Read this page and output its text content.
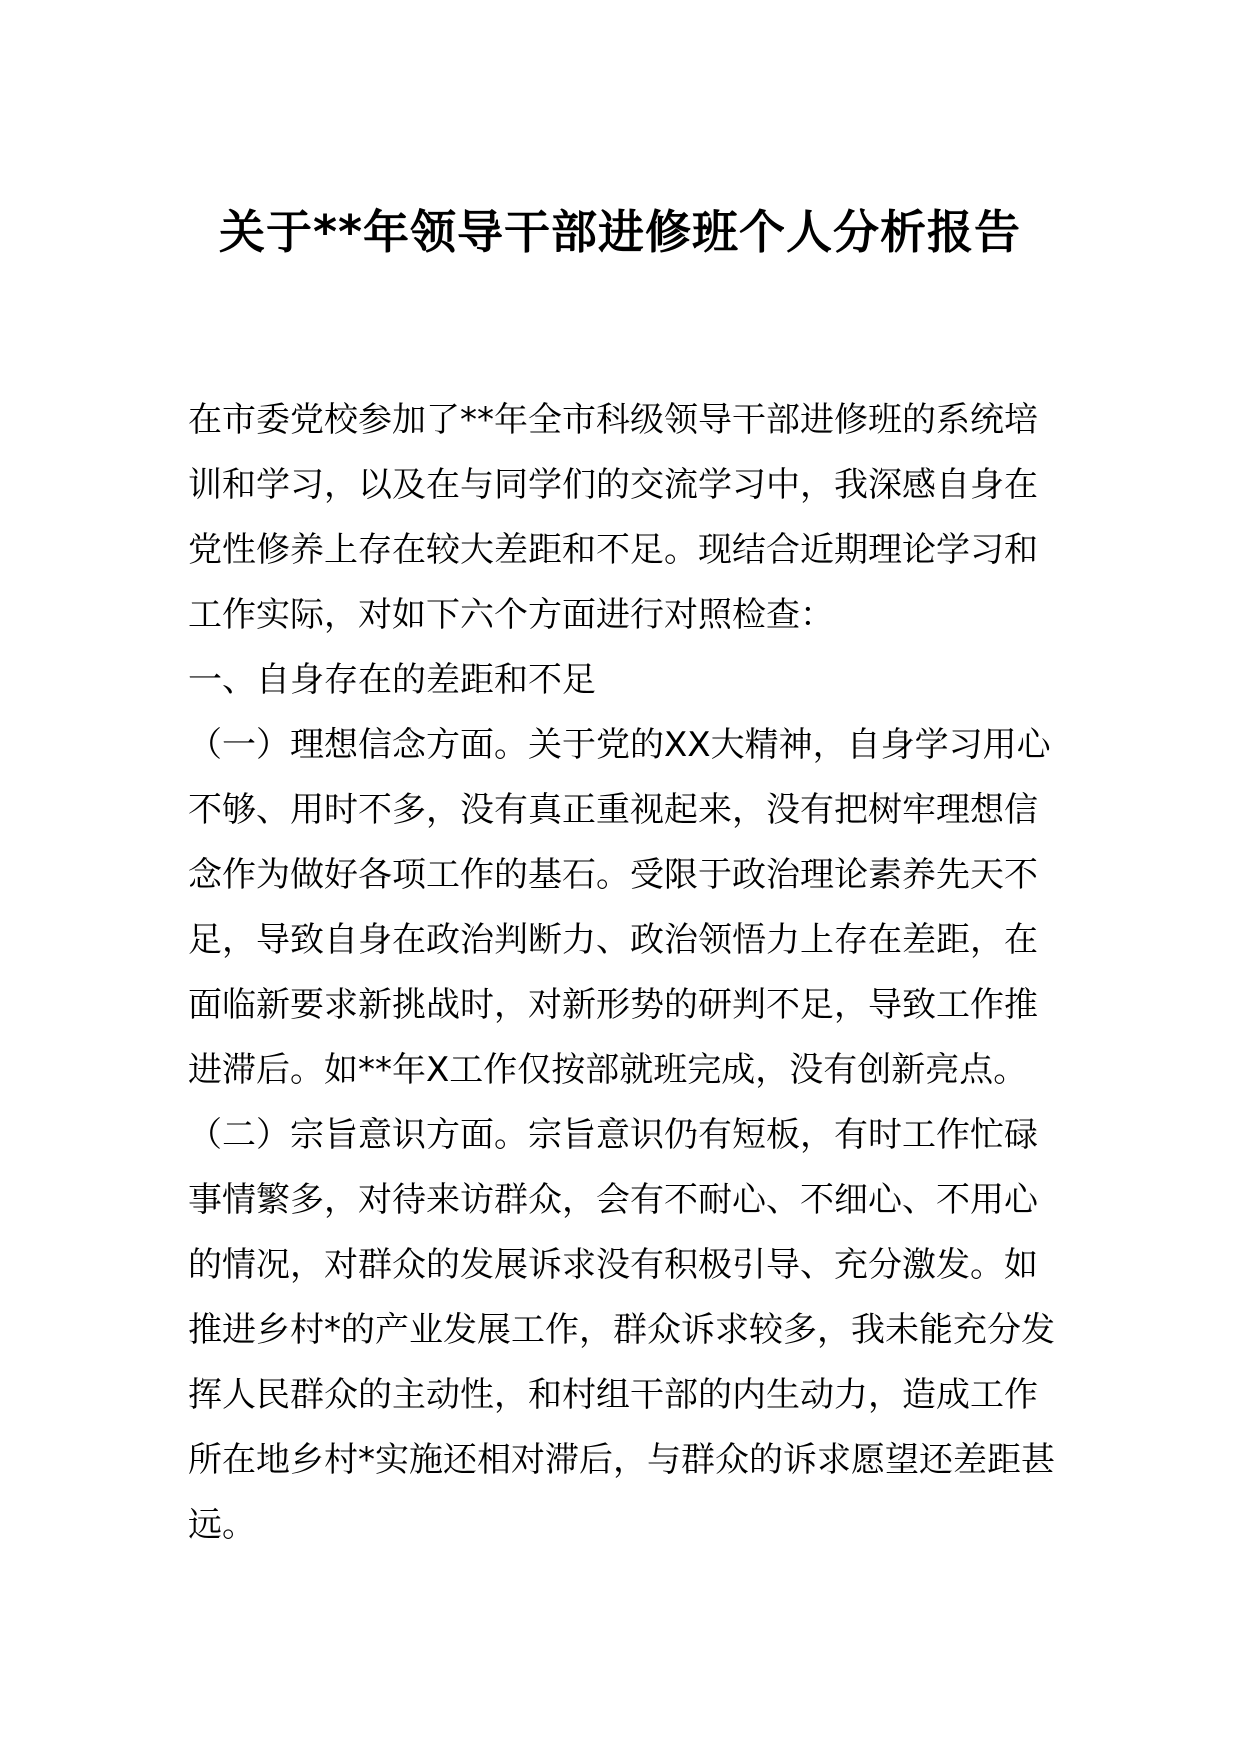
关于**年领导干部进修班个人分析报告
在市委党校参加了**年全市科级领导干部进修班的系统培
训和学习，以及在与同学们的交流学习中，我深感自身在
党性修养上存在较大差距和不足。现结合近期理论学习和
工作实际，对如下六个方面进行对照检查：
一、自身存在的差距和不足
（一）理想信念方面。关于党的XX大精神，自身学习用心
不够、用时不多，没有真正重视起来，没有把树牢理想信
念作为做好各项工作的基石。受限于政治理论素养先天不
足，导致自身在政治判断力、政治领悟力上存在差距，在
面临新要求新挑战时，对新形势的研判不足，导致工作推
进滞后。如**年X工作仅按部就班完成，没有创新亮点。
（二）宗旨意识方面。宗旨意识仍有短板，有时工作忙碌
事情繁多，对待来访群众，会有不耐心、不细心、不用心
的情况，对群众的发展诉求没有积极引导、充分激发。如
推进乡村*的产业发展工作，群众诉求较多，我未能充分发
挥人民群众的主动性，和村组干部的内生动力，造成工作
所在地乡村*实施还相对滞后，与群众的诉求愿望还差距甚
远。
